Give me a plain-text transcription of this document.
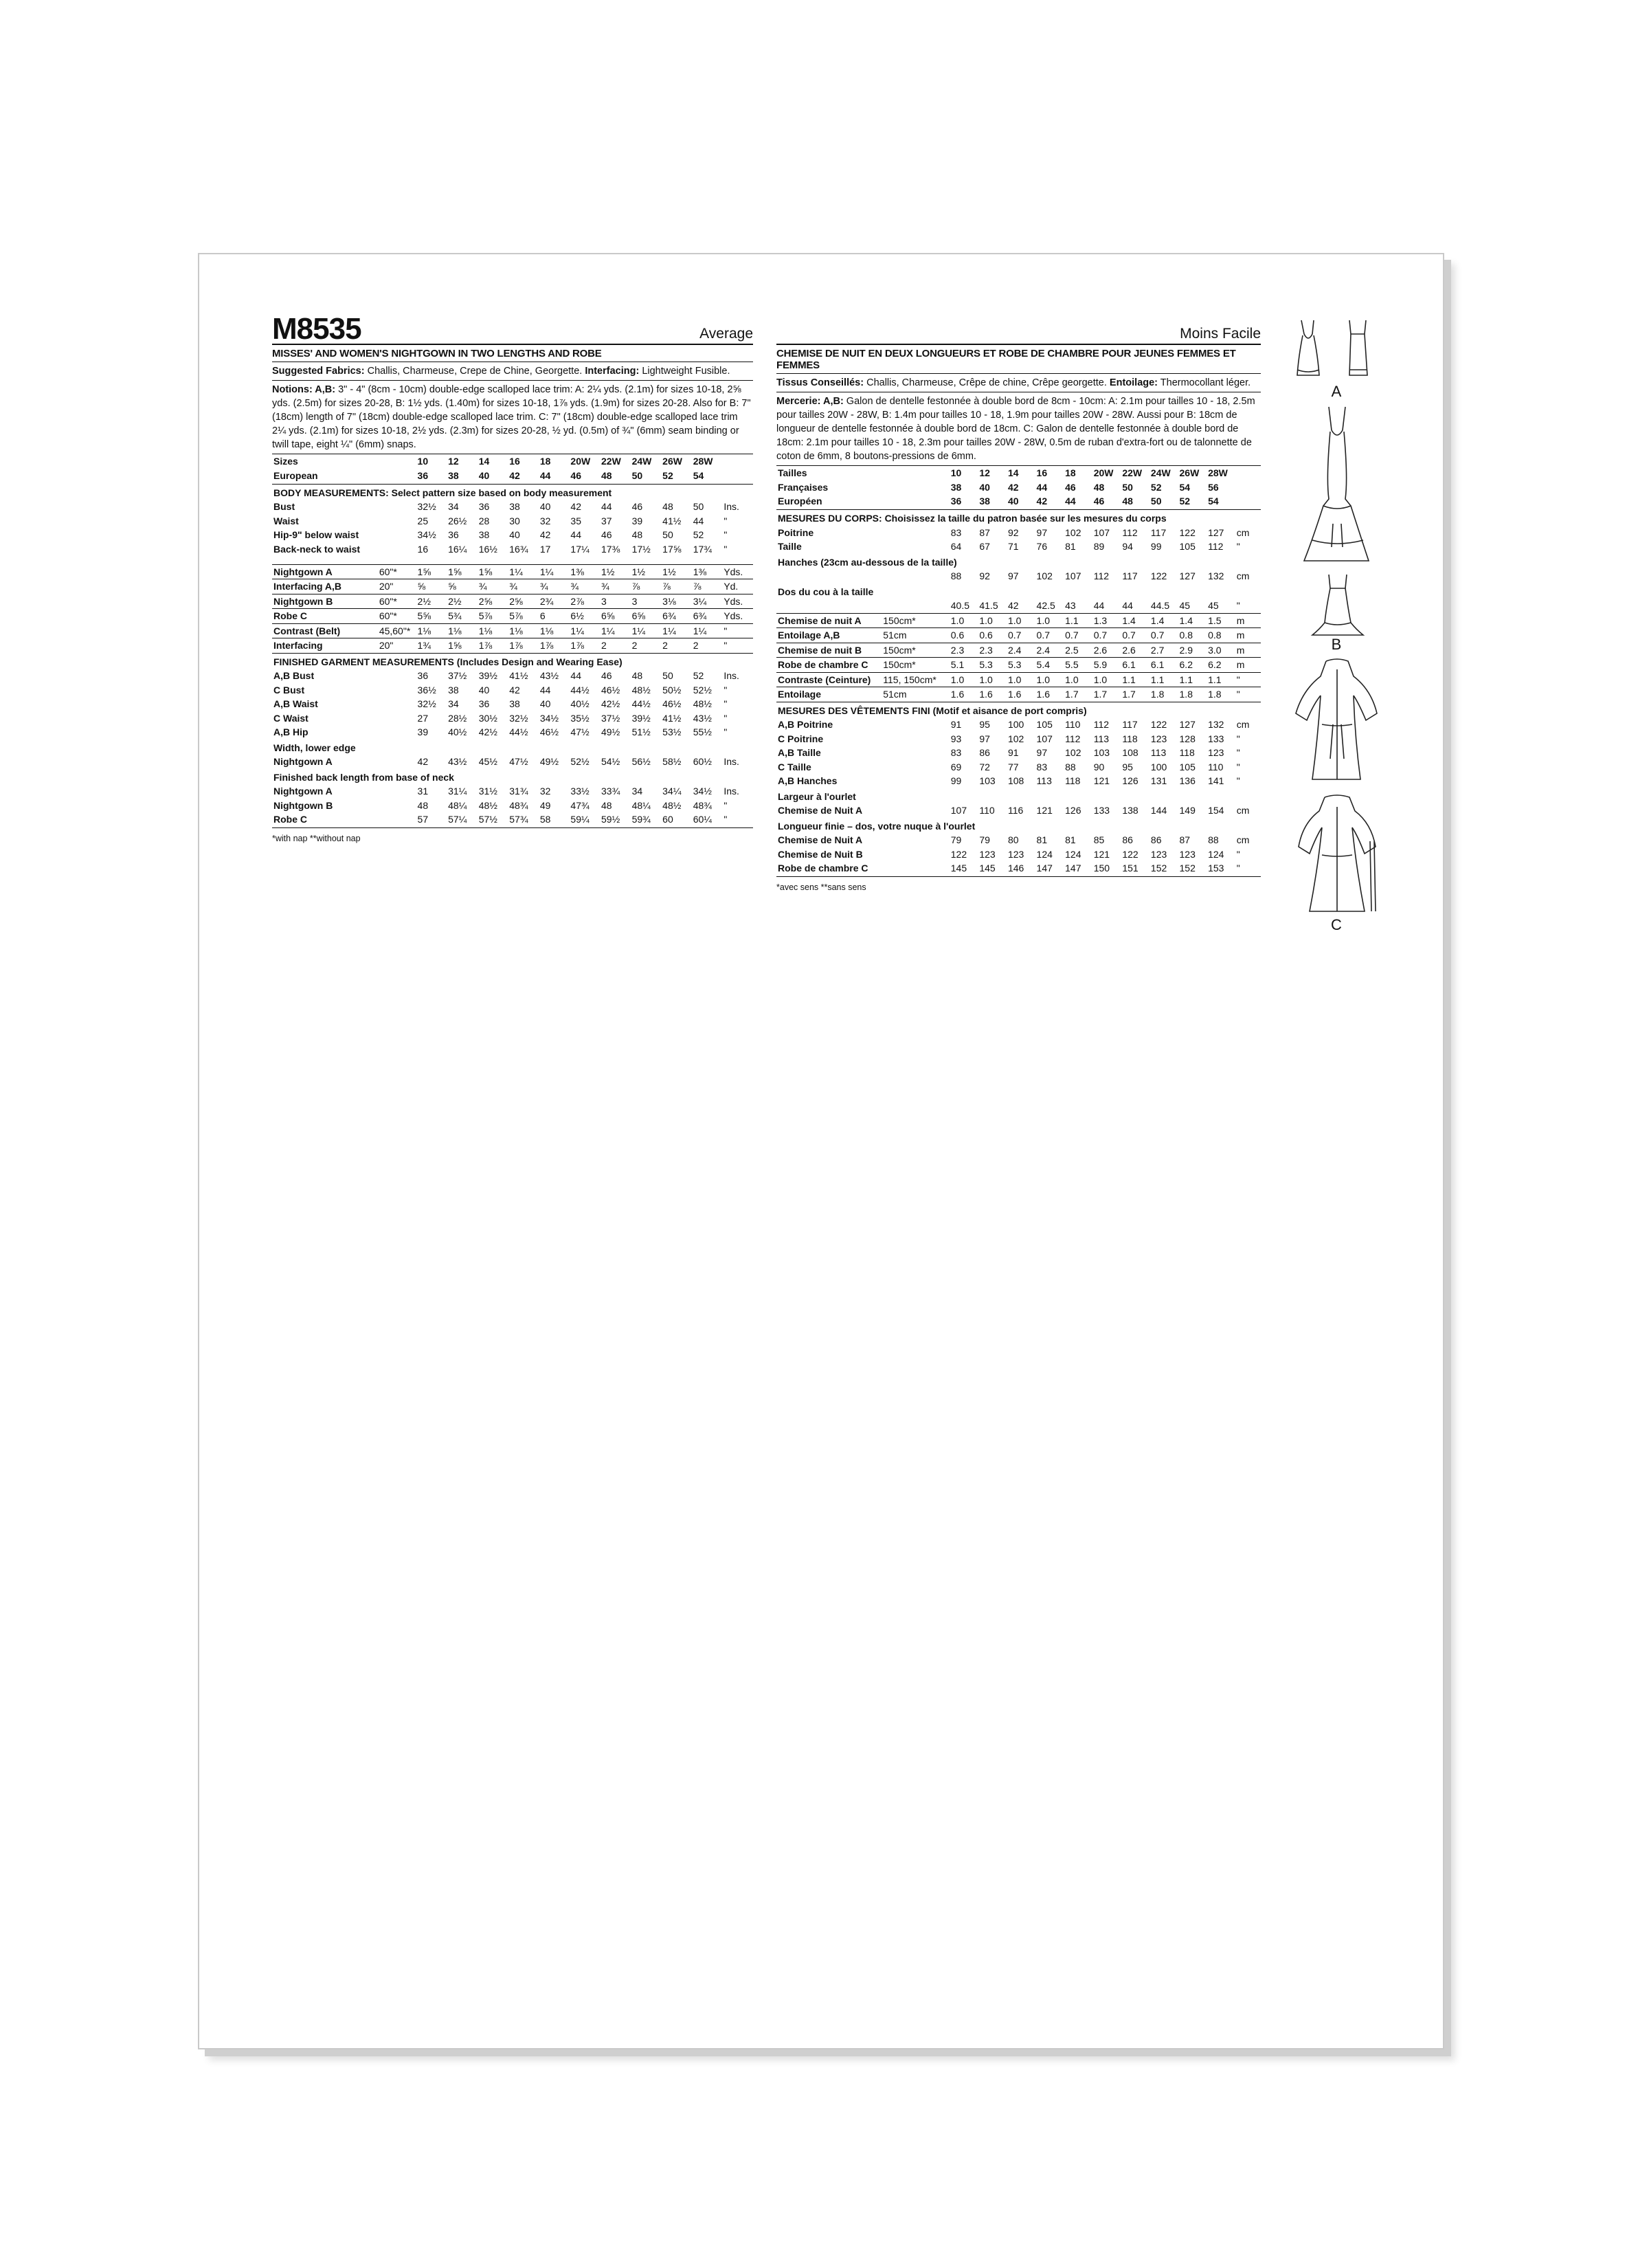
M8535	Average
MISSES' AND WOMEN'S NIGHTGOWN IN TWO LENGTHS AND ROBE
Suggested Fabrics: Challis, Charmeuse, Crepe de Chine, Georgette. Interfacing: Lightweight Fusible.
Notions: A,B: 3" - 4" (8cm - 10cm) double-edge scalloped lace trim: A: 2¼ yds. (2.1m) for sizes 10-18, 2⅝ yds. (2.5m) for sizes 20-28, B: 1½ yds. (1.40m) for sizes 10-18, 1⅞ yds. (1.9m) for sizes 20-28. Also for B: 7" (18cm) length of 7" (18cm) double-edge scalloped lace trim. C: 7" (18cm) double-edge scalloped lace trim 2¼ yds. (2.1m) for sizes 10-18, 2½ yds. (2.3m) for sizes 20-28, ½ yd. (0.5m) of ¾" (6mm) seam binding or twill tape, eight ¼" (6mm) snaps.
Sizes		10	12	14	16	18	20W	22W	24W	26W	28W	
European		36	38	40	42	44	46	48	50	52	54	

BODY MEASUREMENTS: Select pattern size based on body measurement												
Bust		32½	34	36	38	40	42	44	46	48	50	Ins.
Waist		25	26½	28	30	32	35	37	39	41½	44	"
Hip-9" below waist		34½	36	38	40	42	44	46	48	50	52	"
Back-neck to waist		16	16¼	16½	16¾	17	17¼	17⅜	17½	17⅝	17¾	"

Nightgown A	60"*	1⅝	1⅝	1⅝	1¼	1¼	1⅜	1½	1½	1½	1⅜	Yds.
Interfacing A,B	20"	⅝	⅝	¾	¾	¾	¾	¾	⅞	⅞	⅞	Yd.
Nightgown B	60"*	2½	2½	2⅝	2⅝	2¾	2⅞	3	3	3⅛	3¼	Yds.
Robe C	60"*	5⅝	5¾	5⅞	5⅞	6	6½	6⅝	6⅝	6¾	6¾	Yds.
Contrast (Belt)	45,60"*	1⅛	1⅛	1⅛	1⅛	1⅛	1¼	1¼	1¼	1¼	1¼	"
Interfacing	20"	1¾	1⅝	1⅞	1⅞	1⅞	1⅞	2	2	2	2	"
FINISHED GARMENT MEASUREMENTS (Includes Design and Wearing Ease)												
A,B Bust		36	37½	39½	41½	43½	44	46	48	50	52	Ins.
C Bust		36½	38	40	42	44	44½	46½	48½	50½	52½	"
A,B Waist		32½	34	36	38	40	40½	42½	44½	46½	48½	"
C Waist		27	28½	30½	32½	34½	35½	37½	39½	41½	43½	"
A,B Hip		39	40½	42½	44½	46½	47½	49½	51½	53½	55½	"
Width, lower edge												
Nightgown A		42	43½	45½	47½	49½	52½	54½	56½	58½	60½	Ins.
Finished back length from base of neck												
Nightgown A		31	31¼	31½	31¾	32	33½	33¾	34	34¼	34½	Ins.
Nightgown B		48	48¼	48½	48¾	49	47¾	48	48¼	48½	48¾	"
Robe C		57	57¼	57½	57¾	58	59¼	59½	59¾	60	60¼	"

*with nap **without nap
Moins Facile
CHEMISE DE NUIT EN DEUX LONGUEURS ET ROBE DE CHAMBRE POUR JEUNES FEMMES ET FEMMES
Tissus Conseillés: Challis, Charmeuse, Crêpe de chine, Crêpe georgette. Entoilage: Thermocollant léger.
Mercerie: A,B: Galon de dentelle festonnée à double bord de 8cm - 10cm: A: 2.1m pour tailles 10 - 18, 2.5m pour tailles 20W - 28W, B: 1.4m pour tailles 10 - 18, 1.9m pour tailles 20W - 28W. Aussi pour B: 18cm de longueur de dentelle festonnée à double bord de 18cm. C: Galon de dentelle festonnée à double bord de 18cm: 2.1m pour tailles 10 - 18, 2.3m pour tailles 20W - 28W, 0.5m de ruban d'extra-fort ou de talonnette de coton de 6mm, 8 boutons-pressions de 6mm.
Tailles		10	12	14	16	18	20W	22W	24W	26W	28W	
Françaises		38	40	42	44	46	48	50	52	54	56	
Européen		36	38	40	42	44	46	48	50	52	54	

MESURES DU CORPS: Choisissez la taille du patron basée sur les mesures du corps												
Poitrine		83	87	92	97	102	107	112	117	122	127	cm
Taille		64	67	71	76	81	89	94	99	105	112	"
Hanches (23cm au-dessous de la taille)												
		88	92	97	102	107	112	117	122	127	132	cm
Dos du cou à la taille												
		40.5	41.5	42	42.5	43	44	44	44.5	45	45	"
Chemise de nuit A	150cm*	1.0	1.0	1.0	1.0	1.1	1.3	1.4	1.4	1.4	1.5	m
Entoilage A,B	51cm	0.6	0.6	0.7	0.7	0.7	0.7	0.7	0.7	0.8	0.8	m
Chemise de nuit B	150cm*	2.3	2.3	2.4	2.4	2.5	2.6	2.6	2.7	2.9	3.0	m
Robe de chambre C	150cm*	5.1	5.3	5.3	5.4	5.5	5.9	6.1	6.1	6.2	6.2	m
Contraste (Ceinture)	115, 150cm*	1.0	1.0	1.0	1.0	1.0	1.0	1.1	1.1	1.1	1.1	"
Entoilage	51cm	1.6	1.6	1.6	1.6	1.7	1.7	1.7	1.8	1.8	1.8	"
MESURES DES VÊTEMENTS FINI (Motif et aisance de port compris)												
A,B Poitrine		91	95	100	105	110	112	117	122	127	132	cm
C Poitrine		93	97	102	107	112	113	118	123	128	133	"
A,B Taille		83	86	91	97	102	103	108	113	118	123	"
C Taille		69	72	77	83	88	90	95	100	105	110	"
A,B Hanches		99	103	108	113	118	121	126	131	136	141	"
Largeur à l'ourlet												
Chemise de Nuit A		107	110	116	121	126	133	138	144	149	154	cm
Longueur finie – dos, votre nuque à l'ourlet												
Chemise de Nuit A		79	79	80	81	81	85	86	86	87	88	cm
Chemise de Nuit B		122	123	123	124	124	121	122	123	123	124	"
Robe de chambre C		145	145	146	147	147	150	151	152	152	153	"

*avec sens **sans sens
A
B
C
